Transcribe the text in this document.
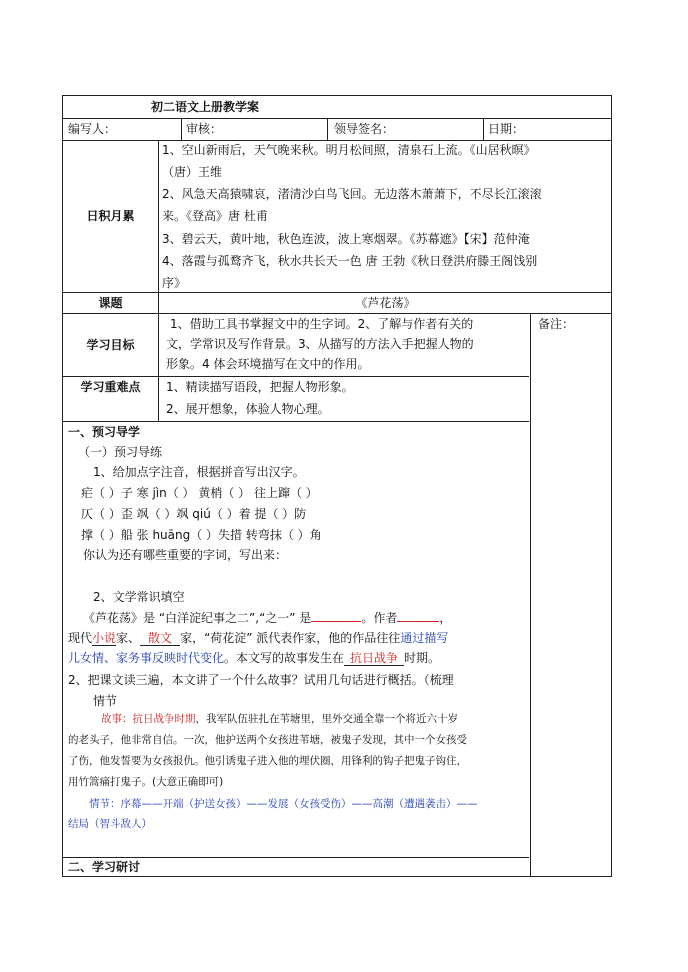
初二语文上册教学案
编写人：	审核：	领导签名：	日期：
日积月累
1、空山新雨后，天气晚来秋。明月松间照，清泉石上流。《山居秋暝》
（唐）王维
2、风急天高猿啸哀，渚清沙白鸟飞回。无边落木萧萧下，不尽长江滚滚
来。《登高》唐 杜甫
3、碧云天，黄叶地，秋色连波，波上寒烟翠。《苏幕遮》【宋】范仲淹
4、落霞与孤鹜齐飞，秋水共长天一色 唐 王勃《秋日登洪府滕王阁饯别
序》
课题	《芦花荡》
学习目标
1、借助工具书掌握文中的生字词。2、了解与作者有关的
文，学常识及写作背景。3、从描写的方法入手把握人物的
形象。4 体会环境描写在文中的作用。
备注：
学习重难点	1、精读描写语段，把握人物形象。
2、展开想象，体验人物心理。
一、预习导学
（一）预习导练
1、给加点字注音，根据拼音写出汉字。
疟（ ）子 寒 jìn（ ） 黄梢（ ） 往上蹿（ ）
仄（ ）歪 飒（ ）飒 qiú（ ）着 提（ ）防
撑（ ）船 张 huāng（ ）失措 转弯抹（ ）角
你认为还有哪些重要的字词，写出来：
2、文学常识填空
《芦花荡》是 “白洋淀纪事之二”,“之一” 是	。作者	，
现代小说家、 散文 家，“荷花淀” 派代表作家，他的作品往往通过描写
儿女情、家务事反映时代变化。本文写的故事发生在 抗日战争 时期。
2、把课文读三遍，本文讲了一个什么故事？试用几句话进行概括。（梳理
情节
故事：抗日战争时期，我军队伍驻扎在苇塘里，里外交通全靠一个将近六十岁
的老头子，他非常自信。一次，他护送两个女孩进苇塘，被鬼子发现，其中一个女孩受
了伤，他发誓要为女孩报仇。他引诱鬼子进入他的埋伏圈，用锋利的钩子把鬼子钩住，
用竹篙痛打鬼子。(大意正确即可)
情节：序幕——开端（护送女孩）——发展（女孩受伤）——高潮（遭遇袭击）——
结局（智斗敌人）
二、学习研讨
